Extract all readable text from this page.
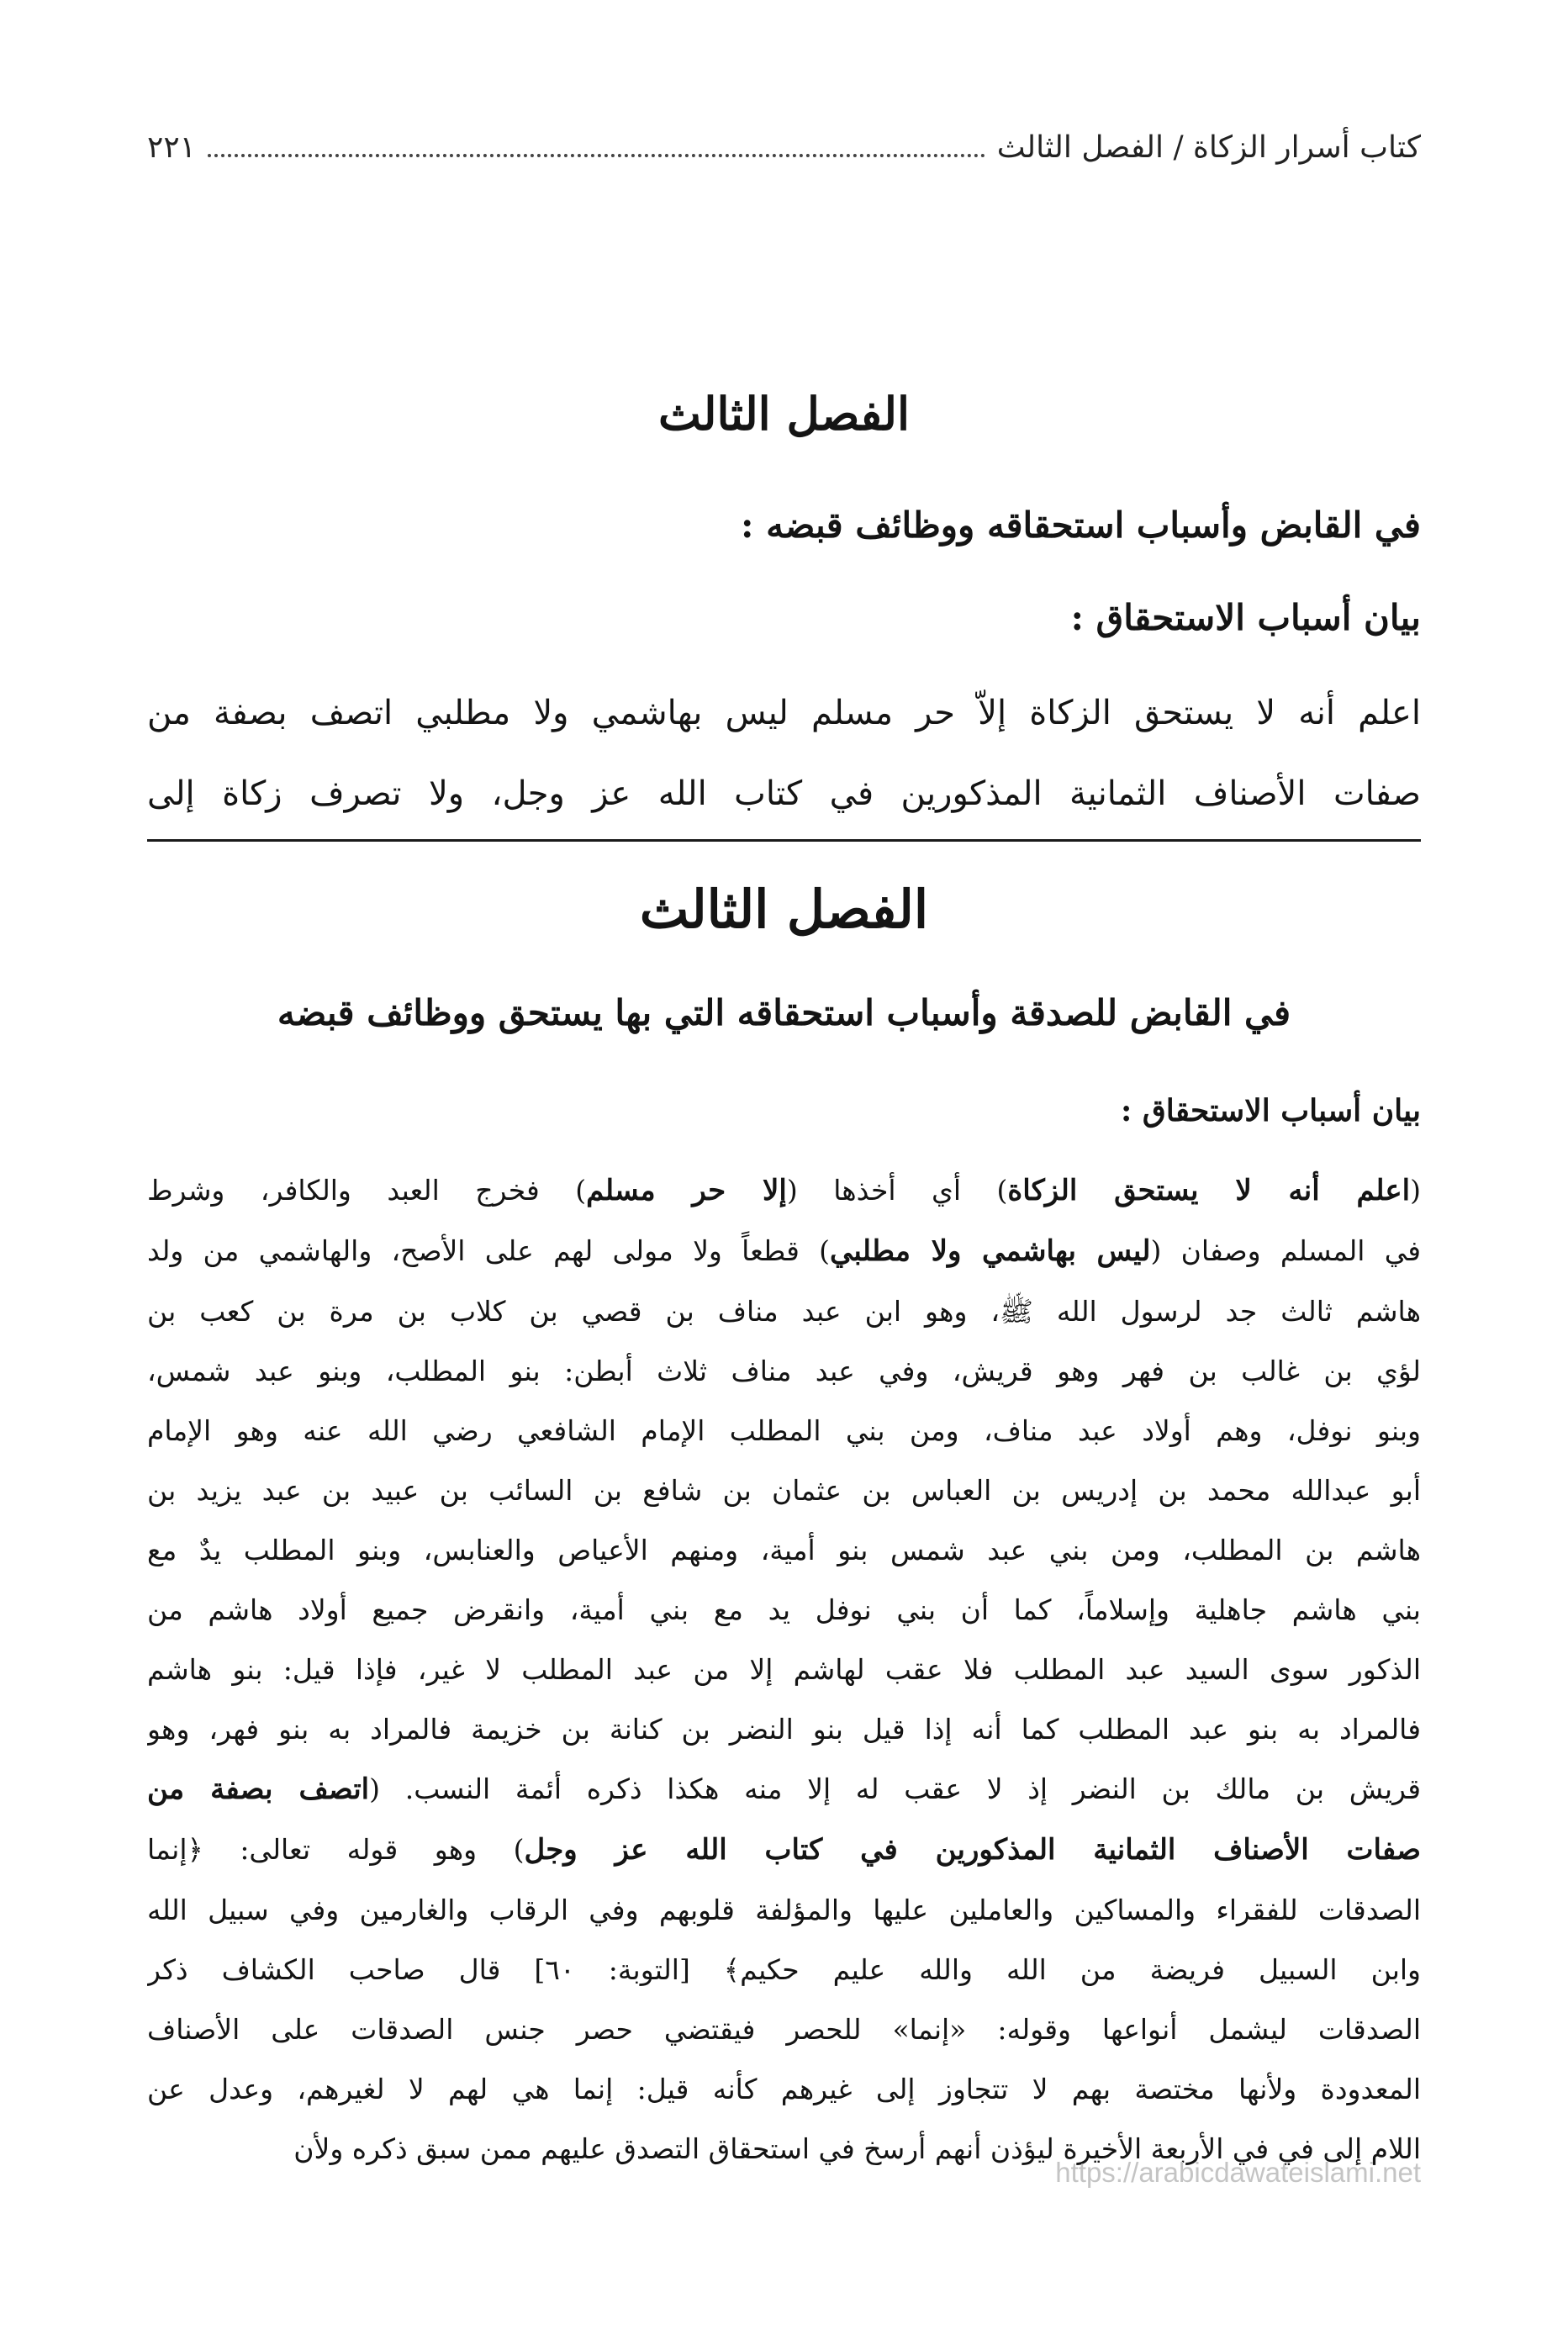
كتاب أسرار الزكاة / الفصل الثالث
٢٢١
الفصل الثالث
في القابض وأسباب استحقاقه ووظائف قبضه :
بيان أسباب الاستحقاق :
اعلم أنه لا يستحق الزكاة إلاّ حر مسلم ليس بهاشمي ولا مطلبي اتصف بصفة من
صفات الأصناف الثمانية المذكورين في كتاب الله عز وجل، ولا تصرف زكاة إلى
الفصل الثالث
في القابض للصدقة وأسباب استحقاقه التي بها يستحق ووظائف قبضه
بيان أسباب الاستحقاق :
(اعلم أنه لا يستحق الزكاة) أي أخذها (إلا حر مسلم) فخرج العبد والكافر، وشرط
في المسلم وصفان (ليس بهاشمي ولا مطلبي) قطعاً ولا مولى لهم على الأصح، والهاشمي من ولد
هاشم ثالث جد لرسول الله ﷺ، وهو ابن عبد مناف بن قصي بن كلاب بن مرة بن كعب بن
لؤي بن غالب بن فهر وهو قريش، وفي عبد مناف ثلاث أبطن: بنو المطلب، وبنو عبد شمس،
وبنو نوفل، وهم أولاد عبد مناف، ومن بني المطلب الإمام الشافعي رضي الله عنه وهو الإمام
أبو عبدالله محمد بن إدريس بن العباس بن عثمان بن شافع بن السائب بن عبيد بن عبد يزيد بن
هاشم بن المطلب، ومن بني عبد شمس بنو أمية، ومنهم الأعياص والعنابس، وبنو المطلب يدٌ مع
بني هاشم جاهلية وإسلاماً، كما أن بني نوفل يد مع بني أمية، وانقرض جميع أولاد هاشم من
الذكور سوى السيد عبد المطلب فلا عقب لهاشم إلا من عبد المطلب لا غير، فإذا قيل: بنو هاشم
فالمراد به بنو عبد المطلب كما أنه إذا قيل بنو النضر بن كنانة بن خزيمة فالمراد به بنو فهر، وهو
قريش بن مالك بن النضر إذ لا عقب له إلا منه هكذا ذكره أئمة النسب. (اتصف بصفة من
صفات الأصناف الثمانية المذكورين في كتاب الله عز وجل) وهو قوله تعالى: ﴿إنما
الصدقات للفقراء والمساكين والعاملين عليها والمؤلفة قلوبهم وفي الرقاب والغارمين وفي سبيل الله
وابن السبيل فريضة من الله والله عليم حكيم﴾ [التوبة: ٦٠] قال صاحب الكشاف ذكر
الصدقات ليشمل أنواعها وقوله: «إنما» للحصر فيقتضي حصر جنس الصدقات على الأصناف
المعدودة ولأنها مختصة بهم لا تتجاوز إلى غيرهم كأنه قيل: إنما هي لهم لا لغيرهم، وعدل عن
اللام إلى في في الأربعة الأخيرة ليؤذن أنهم أرسخ في استحقاق التصدق عليهم ممن سبق ذكره ولأن
https://arabicdawateislami.net
